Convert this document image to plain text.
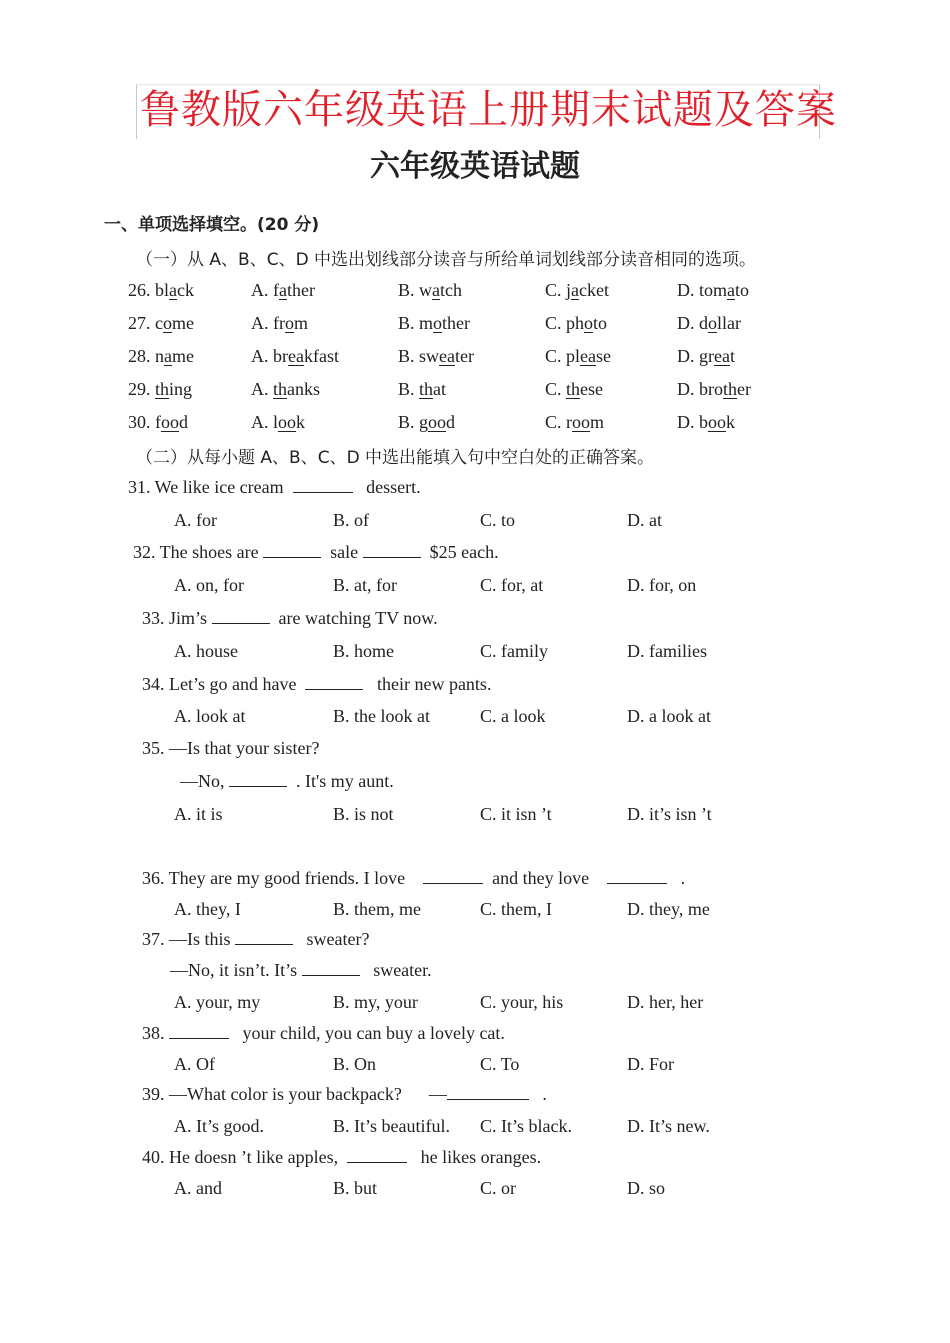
鲁教版六年级英语上册期末试题及答案
六年级英语试题
一、单项选择填空。(20 分)
（一）从 A、B、C、D 中选出划线部分读音与所给单词划线部分读音相同的选项。
26. black	A. father	B. watch	C. jacket	D. tomato
27. come	A. from	B. mother	C. photo	D. dollar
28. name	A. breakfast	B. sweater	C. please	D. great
29. thing	A. thanks	B. that	C. these	D. brother
30. food	A. look	B. good	C. room	D. book
（二）从每小题 A、B、C、D 中选出能填入句中空白处的正确答案。
31. We like ice cream	dessert.
A. for	B. of	C. to	D. at
32. The shoes are	sale	$25 each.
A. on, for	B. at, for	C. for, at	D. for, on
33. Jim’s	are watching TV now.
A. house	B. home	C. family	D. families
34. Let’s go and have	their new pants.
A. look at	B. the look at	C. a look	D. a look at
35. —Is that your sister?
—No,	. It's my aunt.
A. it is	B. is not	C. it isn ’t	D. it’s isn ’t
36. They are my good friends. I love	and they love	.
A. they, I	B. them, me	C. them, I	D. they, me
37. —Is this	sweater?
—No, it isn’t. It’s	sweater.
A. your, my	B. my, your	C. your, his	D. her, her
38.	your child, you can buy a lovely cat.
A. Of	B. On	C. To	D. For
39. —What color is your backpack? —	.
A. It’s good.	B. It’s beautiful. C. It’s black.	D. It’s new.
40. He doesn ’t like apples,	he likes oranges.
A. and	B. but	C. or	D. so
